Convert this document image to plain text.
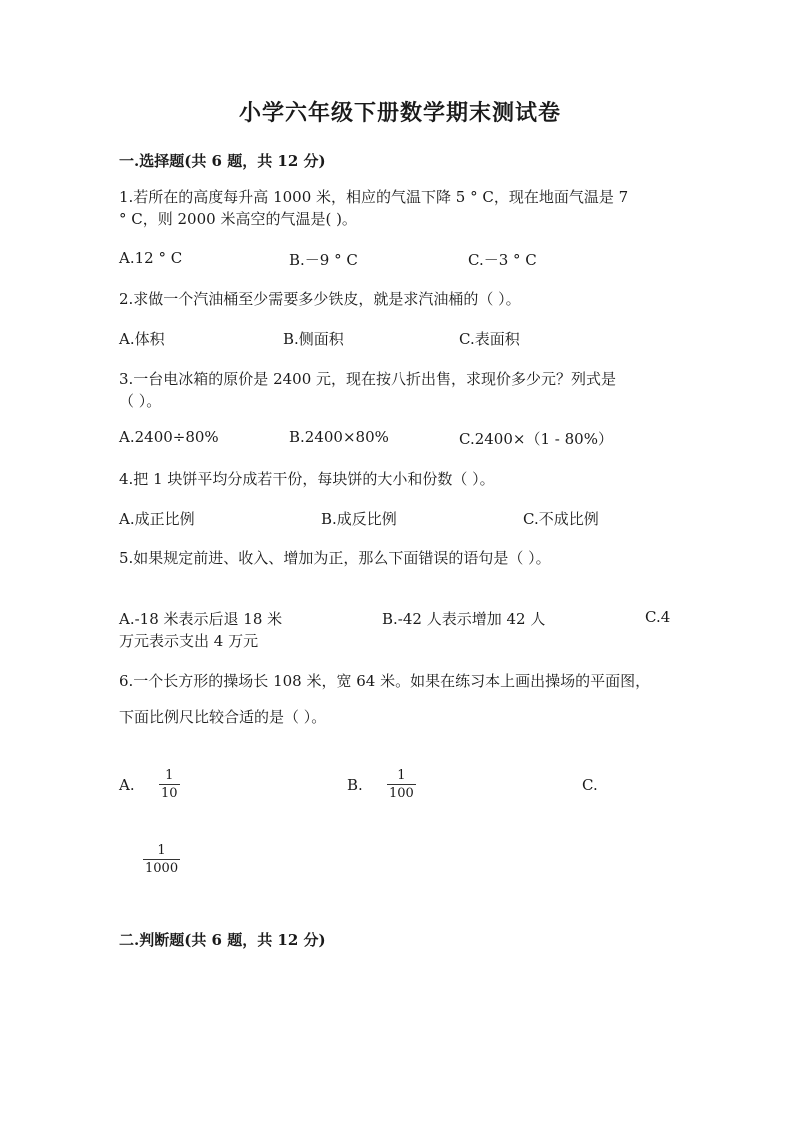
小学六年级下册数学期末测试卷
一.选择题(共 6 题，共 12 分)
1.若所在的高度每升高 1000 米，相应的气温下降 5 ° C，现在地面气温是 7
° C，则 2000 米高空的气温是( )。
A.12 ° C	B.－9 ° C	C.－3 ° C
2.求做一个汽油桶至少需要多少铁皮，就是求汽油桶的（ ）。
A.体积	B.侧面积	C.表面积
3.一台电冰箱的原价是 2400 元，现在按八折出售，求现价多少元？列式是
（ ）。
A.2400÷80%	B.2400×80%	C.2400×（1 - 80%）
4.把 1 块饼平均分成若干份，每块饼的大小和份数（ ）。
A.成正比例	B.成反比例	C.不成比例
5.如果规定前进、收入、增加为正，那么下面错误的语句是（ ）。
A.-18 米表示后退 18 米	B.-42 人表示增加 42 人	C.4
万元表示支出 4 万元
6.一个长方形的操场长 108 米，宽 64 米。如果在练习本上画出操场的平面图，
下面比例尺比较合适的是（ ）。
A.
1
10	B.
1
100	C.
1
1000
二.判断题(共 6 题，共 12 分)
